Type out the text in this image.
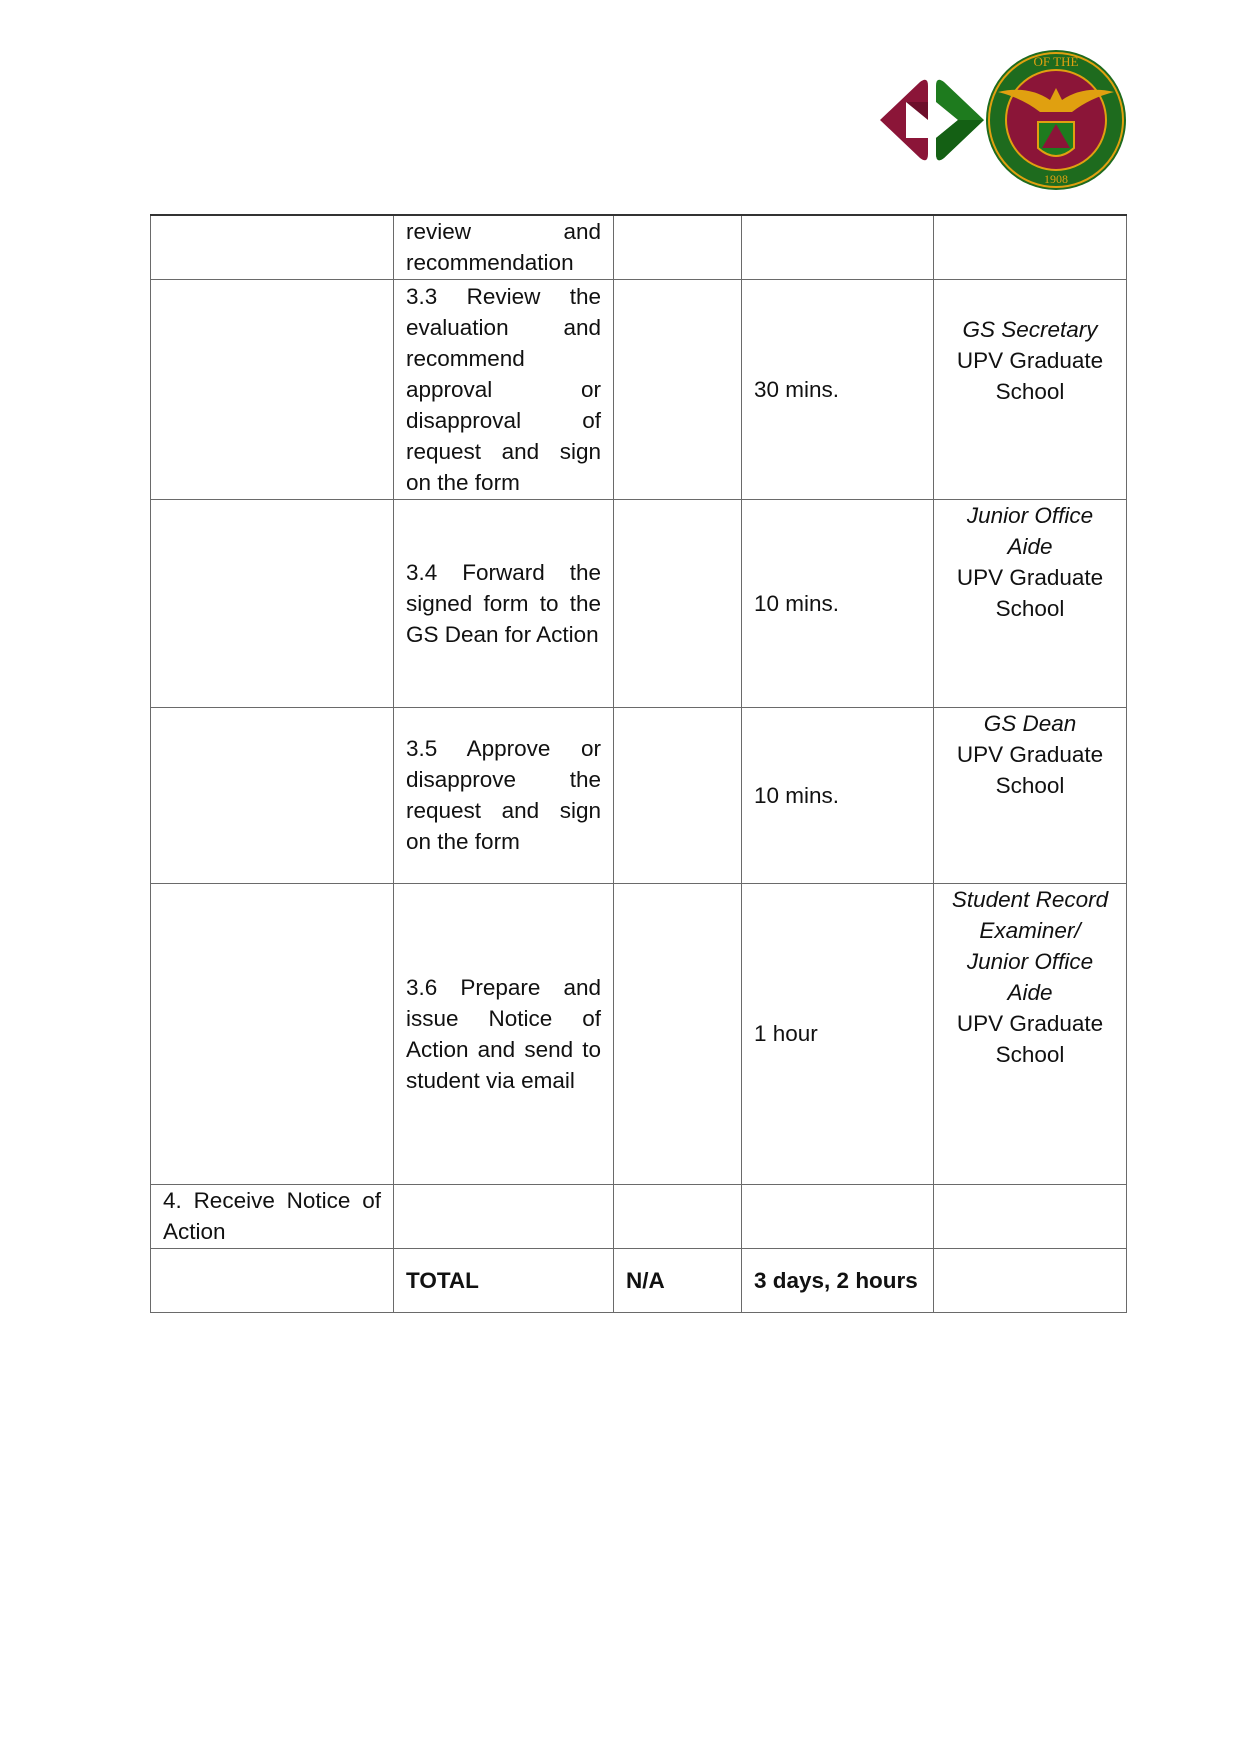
OF THE
1908
	review and recommendation			
	3.3 Review the evaluation and recommend approval or disapproval of request and sign on the form		30 mins.	GS Secretary
UPV Graduate School

	3.4 Forward the signed form to the GS Dean for Action		10 mins.	Junior Office Aide
UPV Graduate School

	3.5 Approve or disapprove the request and sign on the form		10 mins.	GS Dean
UPV Graduate School

	3.6 Prepare and issue Notice of Action and send to student via email		1 hour	Student Record Examiner/ Junior Office Aide
UPV Graduate School

4. Receive Notice of Action				
	TOTAL	N/A	3 days, 2 hours	
